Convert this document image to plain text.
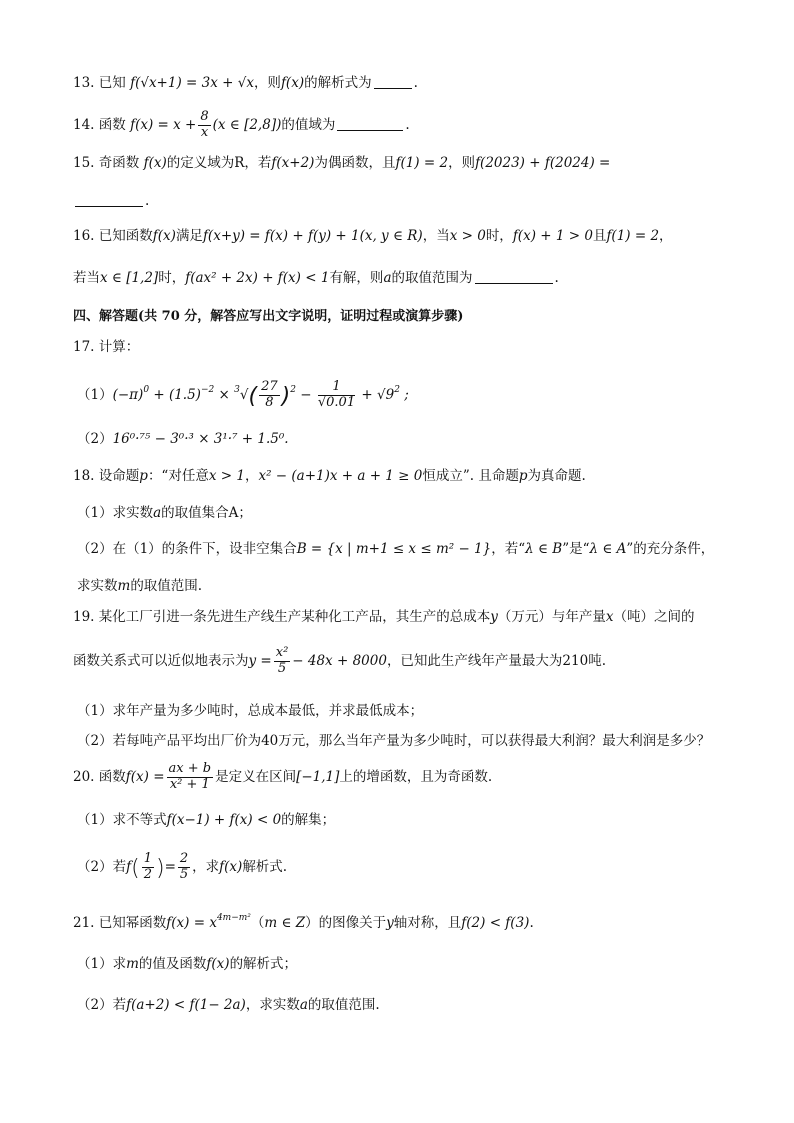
13. 已知 f(√x+1) = 3x + √x，则f(x)的解析式为	.
14. 函数 $f(x) = x + \frac{8}{x} (x$ ∈ [2,8])的值域为	.
15. 奇函数 f(x)的定义域为R，若f(x+2)为偶函数，且f(1) = 2，则f(2023) + f(2024) =
.
16. 已知函数f(x)满足f(x+y) = f(x) + f(y) + 1(x, y ∈ R)，当x > 0时，f(x) + 1 > 0且f(1) = 2，
若当x ∈ [1,2]时，f(ax² + 2x) + f(x) < 1有解，则a的取值范围为	.
四、解答题(共 70 分，解答应写出文字说明，证明过程或演算步骤)
17. 计算：
$(1)(-\pi)^0 + (1.5)^{-2} \times ^3√( \frac{27}{8} )^2 - \frac{1}{√0.01} + √9^2$ ;
（2）16⁰·⁷⁵ − 3⁰·³ × 3¹·⁷ + 1.5⁰.
18. 设命题p：“对任意x > 1，x² − (a+1)x + a + 1 ≥ 0恒成立”. 且命题p为真命题.
（1）求实数a的取值集合A；
（2）在（1）的条件下，设非空集合B = {x | m+1 ≤ x ≤ m² − 1}，若“λ ∈ B”是“λ ∈ A”的充分条件，
求实数m的取值范围.
19. 某化工厂引进一条先进生产线生产某种化工产品，其生产的总成本y（万元）与年产量x（吨）之间的
函数关系式可以近似地表示为$y = \frac{\text{x²}}{5} - 48x + 8000$，已知此生产线年产量最大为210吨.
（1）求年产量为多少吨时，总成本最低，并求最低成本；
（2）若每吨产品平均出厂价为40万元，那么当年产量为多少吨时，可以获得最大利润？最大利润是多少？
20. 函数$f(x) = \frac{ax + b}{\text{x² + 1}}$ 是定义在区间[−1,1]上的增函数，且为奇函数.
（1）求不等式f(x−1) + f(x) < 0的解集；
（2）若$f( \frac{1}{2}$ )= $\frac{2}{5}$ ，求f(x)解析式.
21. 已知幂函数$f(x) = x^{4m-m^2}(m$ ∈ Z）的图像关于y轴对称，且f(2) < f(3).
（1）求m的值及函数f(x)的解析式；
（2）若f(a+2) < f(1− 2a)，求实数a的取值范围.
